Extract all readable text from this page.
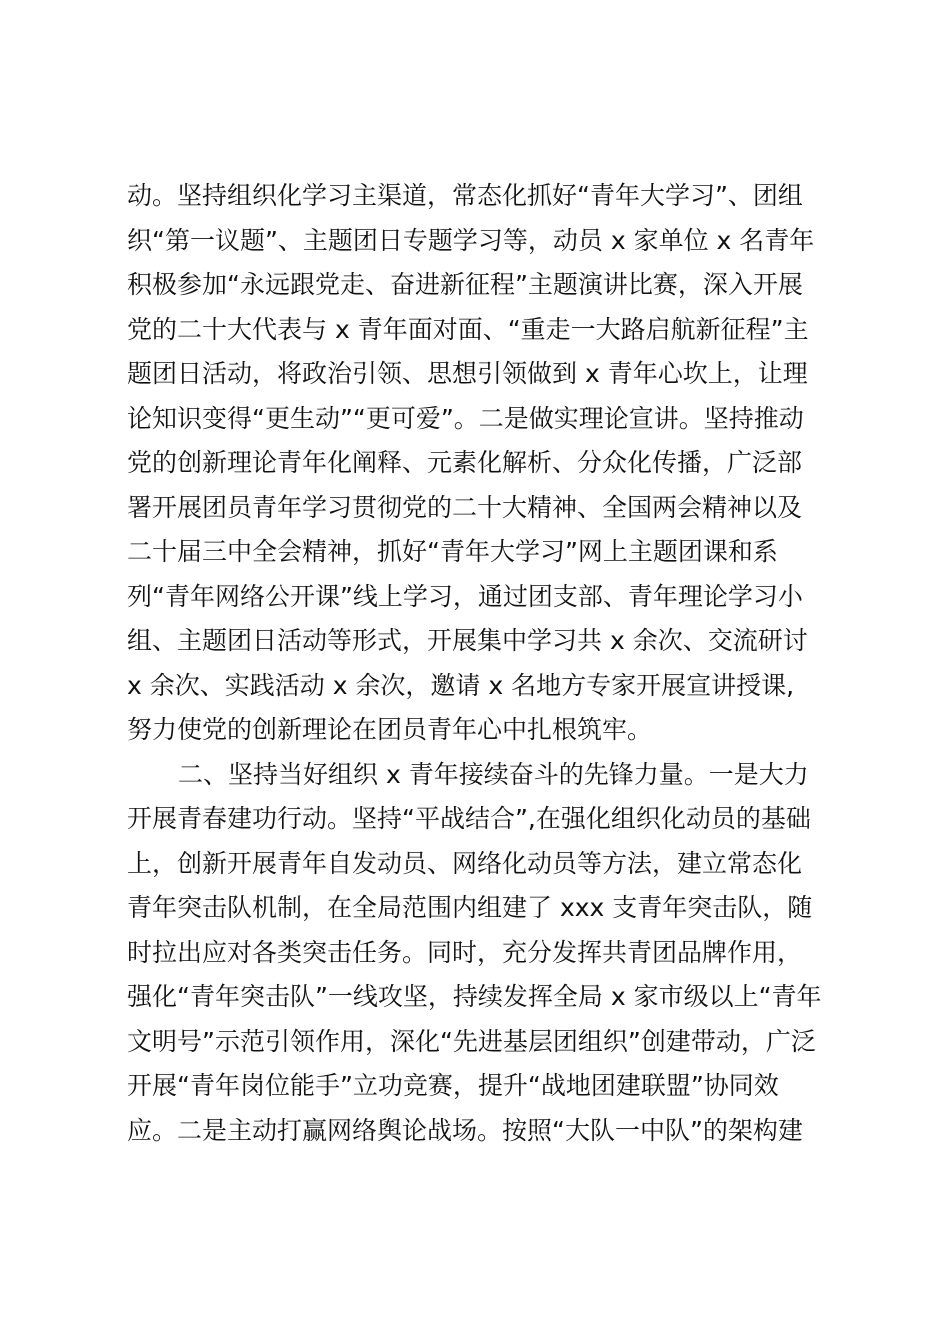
动。坚持组织化学习主渠道，常态化抓好“青年大学习”、团组
织“第一议题”、主题团日专题学习等，动员 x 家单位 x 名青年
积极参加“永远跟党走、奋进新征程”主题演讲比赛，深入开展
党的二十大代表与 x 青年面对面、“重走一大路启航新征程”主
题团日活动，将政治引领、思想引领做到 x 青年心坎上，让理
论知识变得“更生动”“更可爱”。二是做实理论宣讲。坚持推动
党的创新理论青年化阐释、元素化解析、分众化传播，广泛部
署开展团员青年学习贯彻党的二十大精神、全国两会精神以及
二十届三中全会精神，抓好“青年大学习”网上主题团课和系
列“青年网络公开课”线上学习，通过团支部、青年理论学习小
组、主题团日活动等形式，开展集中学习共 x 余次、交流研讨
x 余次、实践活动 x 余次，邀请 x 名地方专家开展宣讲授课,
努力使党的创新理论在团员青年心中扎根筑牢。
二、坚持当好组织 x 青年接续奋斗的先锋力量。一是大力
开展青春建功行动。坚持“平战结合”,在强化组织化动员的基础
上，创新开展青年自发动员、网络化动员等方法，建立常态化
青年突击队机制，在全局范围内组建了 xxx 支青年突击队，随
时拉出应对各类突击任务。同时，充分发挥共青团品牌作用，
强化“青年突击队”一线攻坚，持续发挥全局 x 家市级以上“青年
文明号”示范引领作用，深化“先进基层团组织”创建带动，广泛
开展“青年岗位能手”立功竞赛，提升“战地团建联盟”协同效
应。二是主动打赢网络舆论战场。按照“大队一中队”的架构建
